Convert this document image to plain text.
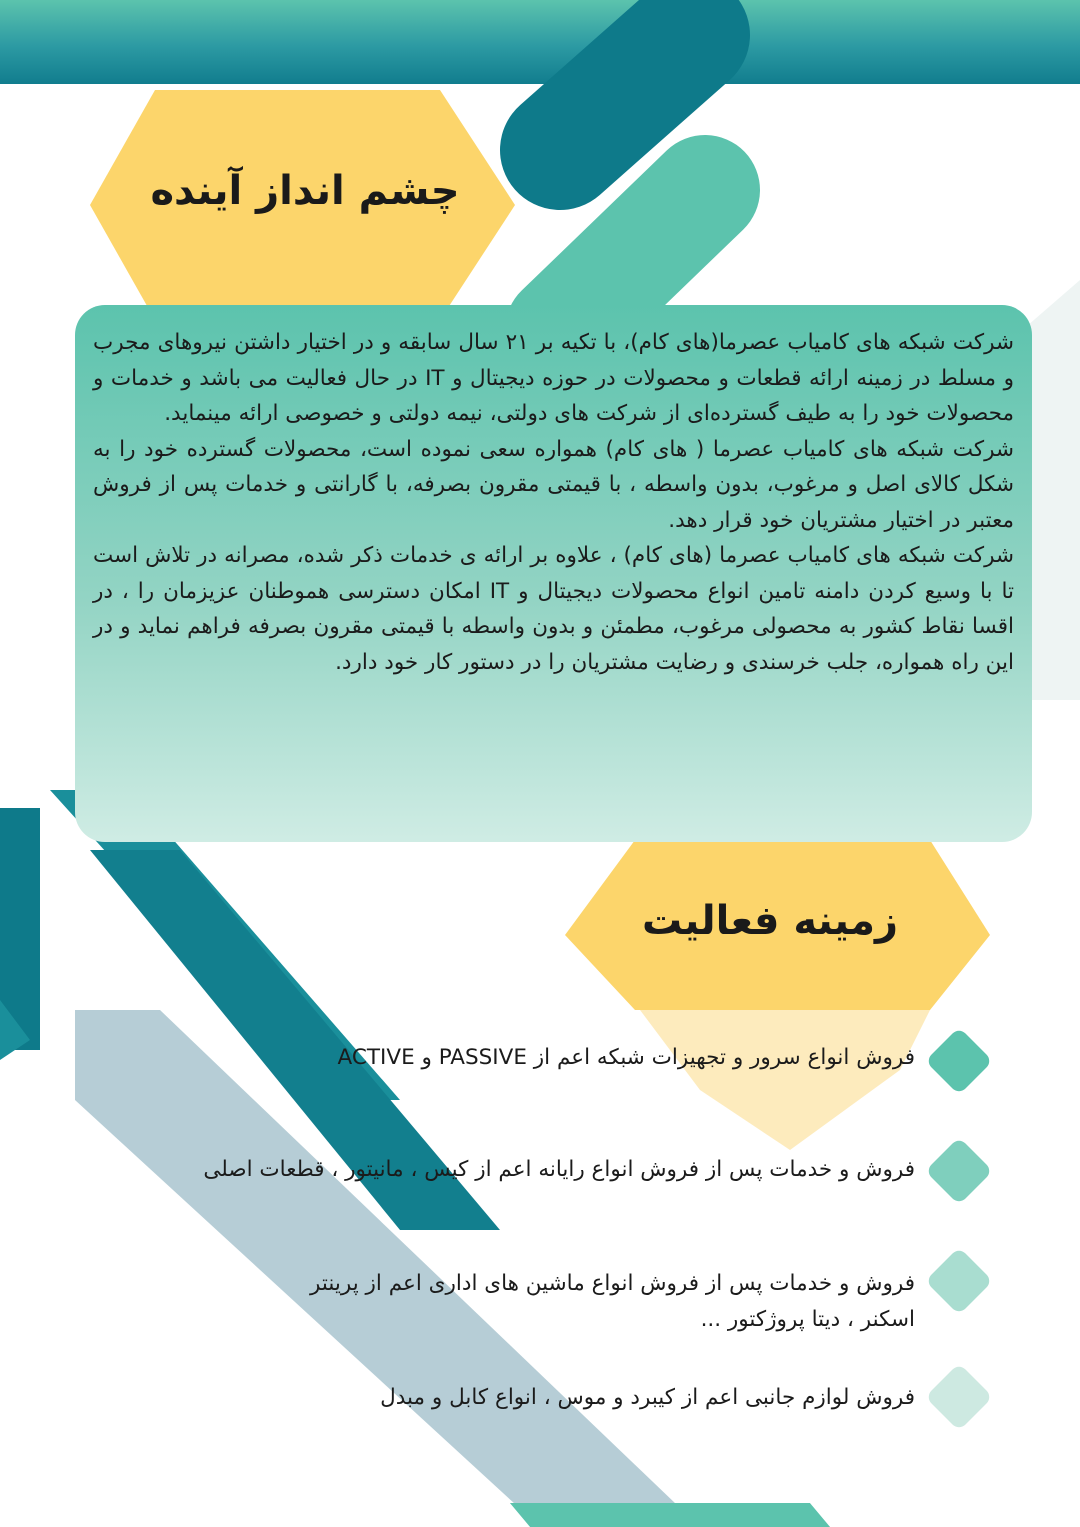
چشم انداز آینده

شرکت شبکه های کامیاب عصرما(های کام)، با تکیه بر ۲۱ سال سابقه و در اختیار داشتن نیروهای مجرب و مسلط در زمینه ارائه قطعات و محصولات در حوزه دیجیتال و IT در حال فعالیت می باشد و خدمات و محصولات خود را به طیف گسترده‌ای از شرکت های دولتی، نیمه دولتی و خصوصی ارائه مینماید.
شرکت شبکه های کامیاب عصرما ( های کام) همواره سعی نموده است، محصولات گسترده خود را به شکل کالای اصل و مرغوب، بدون واسطه ، با قیمتی مقرون بصرفه، با گارانتی و خدمات پس از فروش معتبر در اختیار مشتریان خود قرار دهد.
شرکت شبکه های کامیاب عصرما (های کام) ، علاوه بر ارائه ی خدمات ذکر شده، مصرانه در تلاش است تا با وسیع کردن دامنه تامین انواع محصولات دیجیتال و IT امکان دسترسی هموطنان عزیزمان را ، در اقسا نقاط کشور به محصولی مرغوب، مطمئن و بدون واسطه با قیمتی مقرون بصرفه فراهم نماید و در این راه همواره، جلب خرسندی و رضایت مشتریان را در دستور کار خود دارد.

زمینه فعالیت
فروش انواع سرور و تجهیزات شبکه اعم از PASSIVE و ACTIVE
فروش و خدمات پس از فروش انواع رایانه اعم از کیس ، مانیتور ، قطعات اصلی
فروش و خدمات پس از فروش انواع ماشین های اداری اعم از پرینتر
اسکنر ، دیتا پروژکتور ...
فروش لوازم جانبی اعم از کیبرد و موس ، انواع کابل و مبدل
